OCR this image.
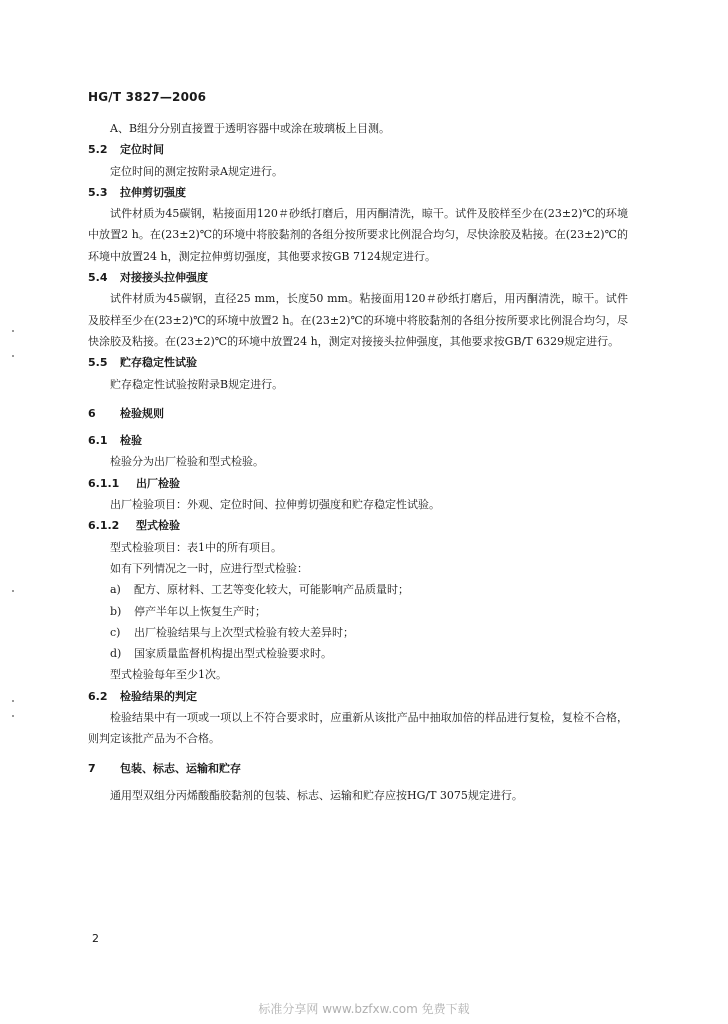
HG/T 3827—2006

A、B组分分别直接置于透明容器中或涂在玻璃板上目测。

5.2	定位时间

定位时间的测定按附录A规定进行。

5.3	拉伸剪切强度

试件材质为45碳钢，粘接面用120＃砂纸打磨后，用丙酮清洗，晾干。试件及胶样至少在(23±2)℃的环境中放置2 h。在(23±2)℃的环境中将胶黏剂的各组分按所要求比例混合均匀，尽快涂胶及粘接。在(23±2)℃的环境中放置24 h，测定拉伸剪切强度，其他要求按GB 7124规定进行。

5.4	对接接头拉伸强度

试件材质为45碳钢，直径25 mm，长度50 mm。粘接面用120＃砂纸打磨后，用丙酮清洗，晾干。试件及胶样至少在(23±2)℃的环境中放置2 h。在(23±2)℃的环境中将胶黏剂的各组分按所要求比例混合均匀，尽快涂胶及粘接。在(23±2)℃的环境中放置24 h，测定对接接头拉伸强度，其他要求按GB/T 6329规定进行。

5.5	贮存稳定性试验

贮存稳定性试验按附录B规定进行。

6	检验规则
6.1	检验

检验分为出厂检验和型式检验。

6.1.1	出厂检验

出厂检验项目：外观、定位时间、拉伸剪切强度和贮存稳定性试验。

6.1.2	型式检验

型式检验项目：表1中的所有项目。

如有下列情况之一时，应进行型式检验：

a)	配方、原材料、工艺等变化较大，可能影响产品质量时；
b)	停产半年以上恢复生产时；
c)	出厂检验结果与上次型式检验有较大差异时；
d)	国家质量监督机构提出型式检验要求时。

型式检验每年至少1次。

6.2	检验结果的判定

检验结果中有一项或一项以上不符合要求时，应重新从该批产品中抽取加倍的样品进行复检，复检不合格，则判定该批产品为不合格。

7	包装、标志、运输和贮存

通用型双组分丙烯酸酯胶黏剂的包装、标志、运输和贮存应按HG/T 3075规定进行。

2
标准分享网 www.bzfxw.com 免费下载
